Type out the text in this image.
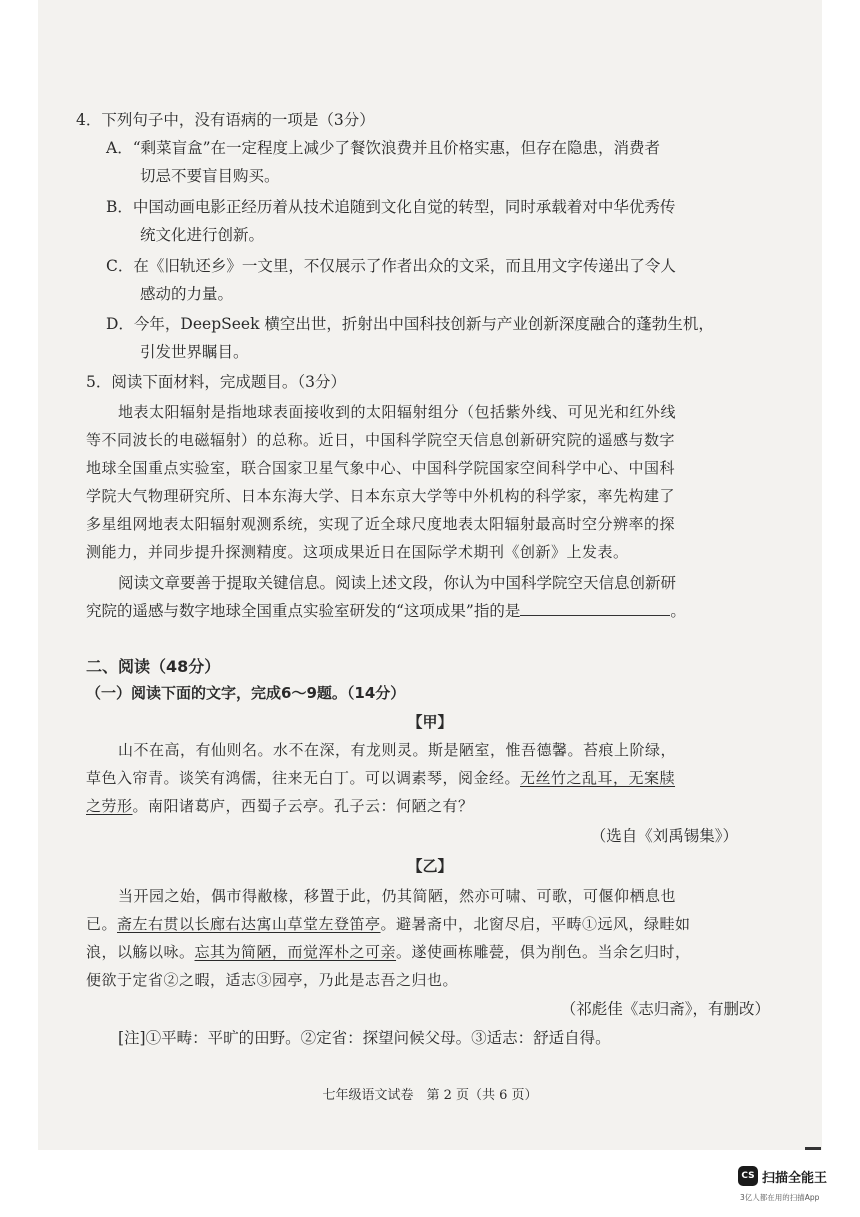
4．下列句子中，没有语病的一项是（3分）
A．“剩菜盲盒”在一定程度上减少了餐饮浪费并且价格实惠，但存在隐患，消费者
切忌不要盲目购买。
B．中国动画电影正经历着从技术追随到文化自觉的转型，同时承载着对中华优秀传
统文化进行创新。
C．在《旧轨还乡》一文里，不仅展示了作者出众的文采，而且用文字传递出了令人
感动的力量。
D．今年，DeepSeek 横空出世，折射出中国科技创新与产业创新深度融合的蓬勃生机，
引发世界瞩目。
5．阅读下面材料，完成题目。（3分）
地表太阳辐射是指地球表面接收到的太阳辐射组分（包括紫外线、可见光和红外线
等不同波长的电磁辐射）的总称。近日，中国科学院空天信息创新研究院的遥感与数字
地球全国重点实验室，联合国家卫星气象中心、中国科学院国家空间科学中心、中国科
学院大气物理研究所、日本东海大学、日本东京大学等中外机构的科学家，率先构建了
多星组网地表太阳辐射观测系统，实现了近全球尺度地表太阳辐射最高时空分辨率的探
测能力，并同步提升探测精度。这项成果近日在国际学术期刊《创新》上发表。
阅读文章要善于提取关键信息。阅读上述文段，你认为中国科学院空天信息创新研
究院的遥感与数字地球全国重点实验室研发的“这项成果”指的是	。
二、阅读（48分）
（一）阅读下面的文字，完成6～9题。（14分）
【甲】
山不在高，有仙则名。水不在深，有龙则灵。斯是陋室，惟吾德馨。苔痕上阶绿，
草色入帘青。谈笑有鸿儒，往来无白丁。可以调素琴，阅金经。无丝竹之乱耳，无案牍
之劳形。南阳诸葛庐，西蜀子云亭。孔子云：何陋之有？
（选自《刘禹锡集》）
【乙】
当开园之始，偶市得敝椽，移置于此，仍其简陋，然亦可啸、可歌，可偃仰栖息也
已。斋左右贯以长廊右达寓山草堂左登笛亭。避暑斋中，北窗尽启，平畴①远风，绿畦如
浪，以觞以咏。忘其为简陋，而觉浑朴之可亲。遂使画栋雕甍，俱为削色。当余乞归时，
便欲于定省②之暇，适志③园亭，乃此是志吾之归也。
（祁彪佳《志归斋》，有删改）
[注]①平畴：平旷的田野。②定省：探望问候父母。③适志：舒适自得。
七年级语文试卷　第 2 页（共 6 页）
CS 扫描全能王
3亿人都在用的扫描App
